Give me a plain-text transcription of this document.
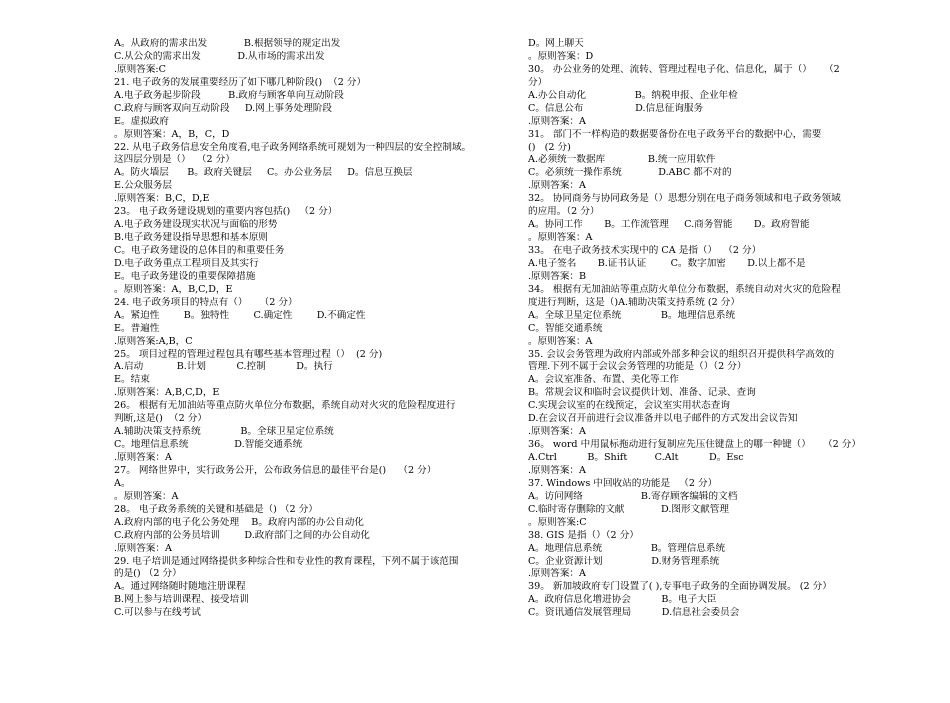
A。从政府的需求出发            B.根据领导的规定出发
C.从公众的需求出发            D.从市场的需求出发
.原则答案:C
21. 电子政务的发展重要经历了如下哪几种阶段()  （2 分）
A.电子政务起步阶段         B.政府与顾客单向互动阶段
C.政府与顾客双向互动阶段     D.网上事务处理阶段
E。虚拟政府
。原则答案：A，B，C，D
22. 从电子政务信息安全角度看,电子政务网络系统可规划为一种四层的安全控制域。
这四层分别是（）  （2 分）
A。防火墙层      B。政府关键层     C。办公业务层     D。信息互换层
E.公众服务层
.原则答案：B,C，D,E
23。 电子政务建设规划的重要内容包括()   （2 分）
A.电子政务建设现实状况与面临的形势
B.电子政务建设指导思想和基本原则
C。电子政务建设的总体目的和重要任务
D.电子政务重点工程项目及其实行
E。电子政务建设的重要保障措施
。原则答案：A，B,C,D，E
24. 电子政务项目的特点有（）    （2 分）
A。紧迫性        B。独特性        C.确定性        D.不确定性
E。普遍性
.原则答案:A,B，C
25。 项目过程的管理过程包具有哪些基本管理过程（）  (2 分)
A.启动           B.计划          C.控制          D。执行
E。结束
.原则答案：A,B,C,D，E
26。 根据有无加油站等重点防火单位分布数据，系统自动对火灾的危险程度进行
判断,这是()  （2 分）
A.辅助决策支持系统             B。全球卫星定位系统
C。地理信息系统               D.智能交通系统
.原则答案：A
27。 网络世界中，实行政务公开，公布政务信息的最佳平台是()    （2 分）
A。
。原则答案：A
28。 电子政务系统的关键和基础是（) （2 分）
A.政府内部的电子化公务处理    B。政府内部的办公自动化
C.政府内部的公务员培训        D.政府部门之间的办公自动化
.原则答案：A
29. 电子培训是通过网络提供多种综合性和专业性的教育课程，下列不属于该范围
的是() （2 分）
A。通过网络随时随地注册课程
B.网上参与培训课程、接受培训
C.可以参与在线考试
D。网上聊天
。原则答案：D
30。 办公业务的处理、流转、管理过程电子化、信息化，属于（）    （2
分）
A.办公自动化                B。纳税申报、企业年检
C。信息公布                 D.信息征询服务
.原则答案：A
31。 部门不一样构造的数据要备份在电子政务平台的数据中心，需要
()   (2 分)
A.必须统一数据库              B.统一应用软件
C。必须统一操作系统            D.ABC 都不对的
.原则答案：A
32。 协同商务与协同政务是（）思想分别在电子商务领域和电子政务领域
的应用。（2 分）
A。协同工作       B。工作流管理     C.商务智能       D。政府智能
。原则答案：A
33。 在电子政务技术实现中的 CA 是指（）  （2 分）
A.电子签名       B.证书认证        C。数字加密       D.以上都不是
.原则答案：B
34。 根据有无加油站等重点防火单位分布数据，系统自动对火灾的危险程
度进行判断，这是（)A.辅助决策支持系统 (2 分）
A。全球卫星定位系统             B。地理信息系统
C。智能交通系统
。原则答案：A
35. 会议会务管理为政府内部或外部多种会议的组织召开提供科学高效的
管理.下列不属于会议会务管理的功能是（）（2 分）
A。会议室准备、布置、美化等工作
B。常规会议和临时会议提供计划、准备、记录、查询
C.实现会议室的在线预定，会议室实用状态查询
D.在会议召开前进行会议准备并以电子邮件的方式发出会议告知
.原则答案：A
36。 word 中用鼠标拖动进行复制应先压住键盘上的哪一种键（）    （2 分）
A.Ctrl          B。Shift         C.Alt          D。Esc
.原则答案：A
37. Windows 中回收站的功能是   （2 分）
A。访问网络                   B.寄存顾客编辑的文档
C.临时寄存删除的文献            D.图形文献管理
。原则答案:C
38. GIS 是指（）（2 分）
A。地理信息系统                B。管理信息系统
C。企业资源计划                D.财务管理系统
.原则答案：A
39。 新加坡政府专门设置了( ),专事电子政务的全面协调发展。 (2 分）
A。政府信息化增进协会          B。电子大臣
C。资讯通信发展管理局          D.信息社会委员会
